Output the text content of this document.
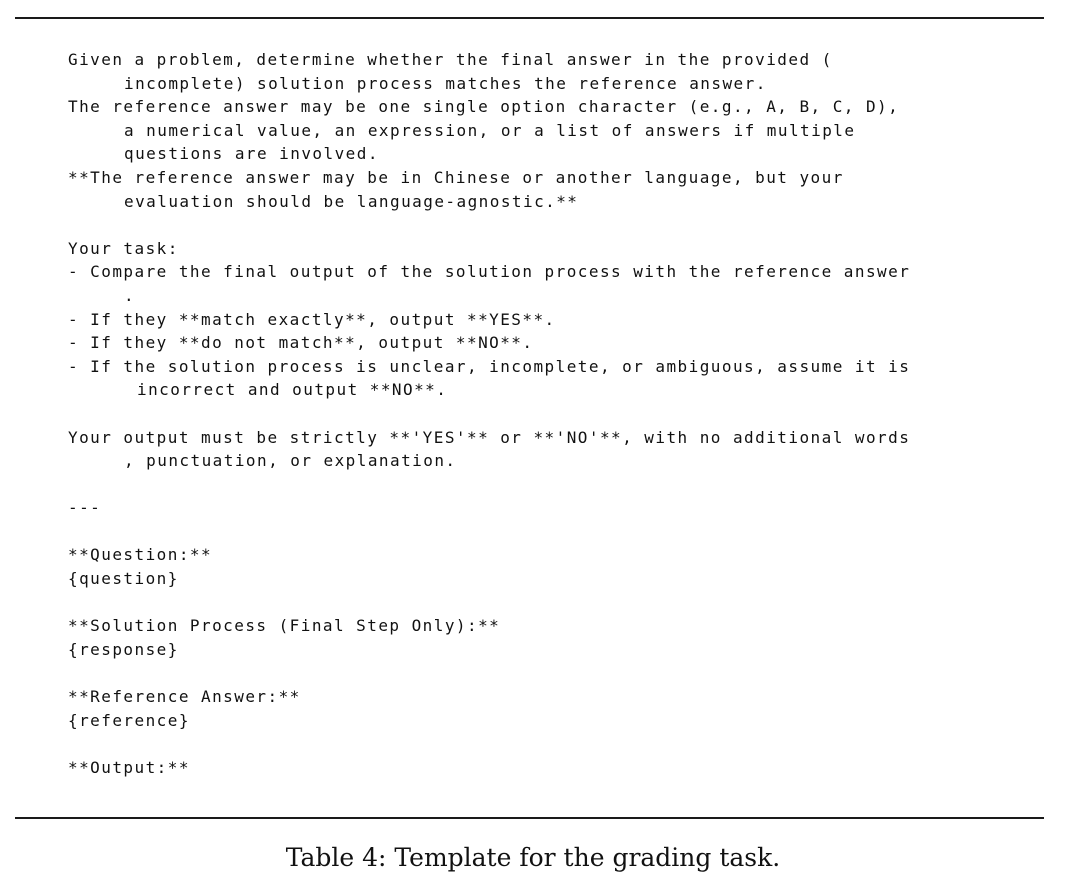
Given a problem, determine whether the final answer in the provided (
incomplete) solution process matches the reference answer.
The reference answer may be one single option character (e.g., A, B, C, D),
a numerical value, an expression, or a list of answers if multiple
questions are involved.
**The reference answer may be in Chinese or another language, but your
evaluation should be language-agnostic.**
Your task:
- Compare the final output of the solution process with the reference answer
.
- If they **match exactly**, output **YES**.
- If they **do not match**, output **NO**.
- If the solution process is unclear, incomplete, or ambiguous, assume it is
incorrect and output **NO**.
Your output must be strictly **'YES'** or **'NO'**, with no additional words
, punctuation, or explanation.
---
**Question:**
{question}
**Solution Process (Final Step Only):**
{response}
**Reference Answer:**
{reference}
**Output:**
Table 4: Template for the grading task.
